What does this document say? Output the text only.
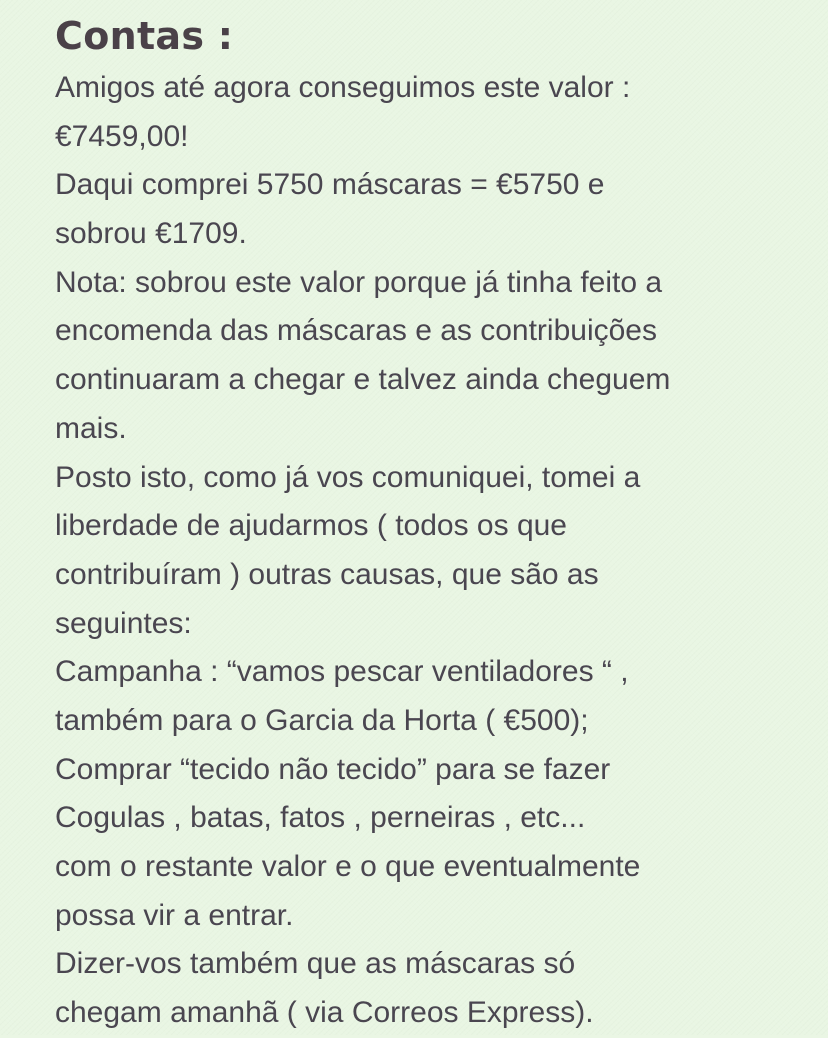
Contas :
Amigos até agora conseguimos este valor :
€7459,00!
Daqui comprei 5750 máscaras = €5750 e
sobrou €1709.
Nota: sobrou este valor porque já tinha feito a
encomenda das máscaras e as contribuições
continuaram a chegar e talvez ainda cheguem
mais.
Posto isto, como já vos comuniquei, tomei a
liberdade de ajudarmos ( todos os que
contribuíram ) outras causas, que são as
seguintes:
Campanha : “vamos pescar ventiladores “ ,
também para o Garcia da Horta ( €500);
Comprar “tecido não tecido” para se fazer
Cogulas , batas, fatos , perneiras , etc...
com o restante valor e o que eventualmente
possa vir a entrar.
Dizer-vos também que as máscaras só
chegam amanhã ( via Correos Express).
